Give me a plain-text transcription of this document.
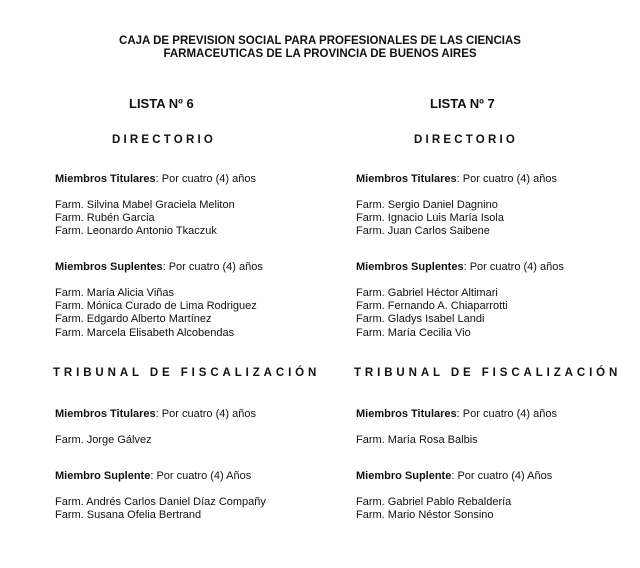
CAJA DE PREVISION SOCIAL PARA PROFESIONALES DE LAS CIENCIAS
FARMACEUTICAS DE LA PROVINCIA DE BUENOS AIRES
LISTA Nº 6
DIRECTORIO
Miembros Titulares: Por cuatro (4) años
Farm. Silvina Mabel Graciela Meliton
Farm. Rubén Garcia
Farm. Leonardo Antonio Tkaczuk
Miembros Suplentes: Por cuatro (4) años
Farm. María Alicia Viñas
Farm. Mónica Curado de Lima Rodriguez
Farm. Edgardo Alberto Martínez
Farm. Marcela Elisabeth Alcobendas
TRIBUNAL DE FISCALIZACIÓN
Miembros Titulares: Por cuatro (4) años
Farm. Jorge Gálvez
Miembro Suplente: Por cuatro (4) Años
Farm. Andrés Carlos Daniel Díaz Compañy
Farm. Susana Ofelia Bertrand
LISTA Nº 7
DIRECTORIO
Miembros Titulares: Por cuatro (4) años
Farm. Sergio Daniel Dagnino
Farm. Ignacio Luis María Isola
Farm. Juan Carlos Saibene
Miembros Suplentes: Por cuatro (4) años
Farm. Gabriel Héctor Altimari
Farm. Fernando A. Chiaparrotti
Farm. Gladys Isabel Landi
Farm. María Cecilia Vio
TRIBUNAL DE FISCALIZACIÓN
Miembros Titulares: Por cuatro (4) años
Farm. María Rosa Balbis
Miembro Suplente: Por cuatro (4) Años
Farm. Gabriel Pablo Rebaldería
Farm. Mario Néstor Sonsino
